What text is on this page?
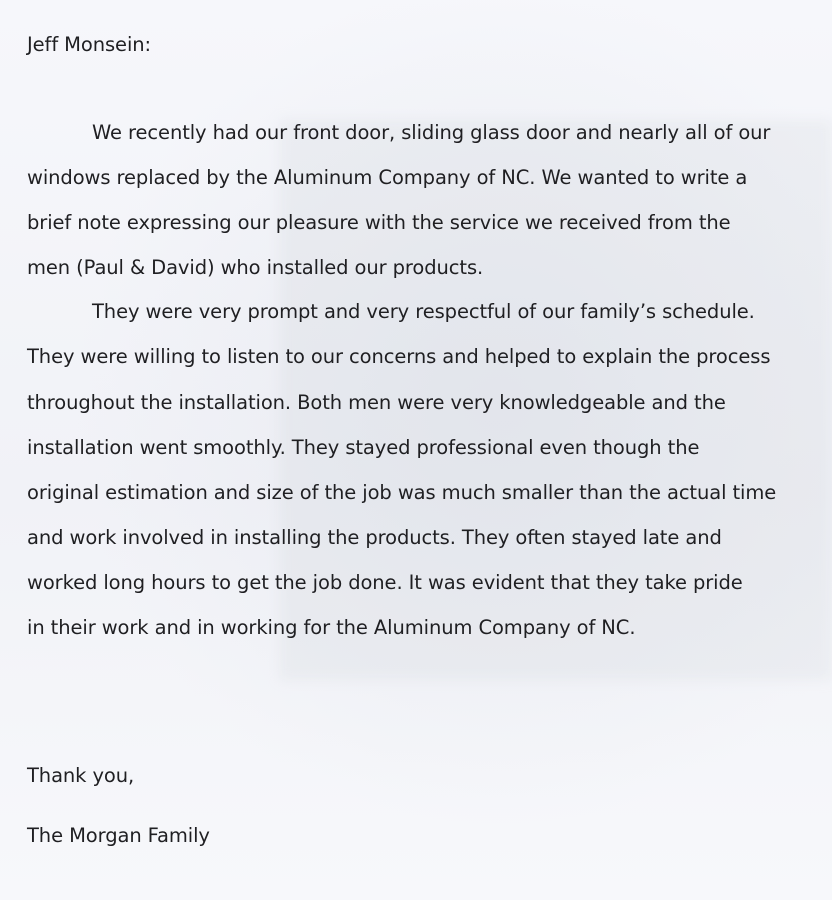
Jeff Monsein:
We recently had our front door, sliding glass door and nearly all of our
windows replaced by the Aluminum Company of NC. We wanted to write a
brief note expressing our pleasure with the service we received from the
men (Paul & David) who installed our products.
They were very prompt and very respectful of our family’s schedule.
They were willing to listen to our concerns and helped to explain the process
throughout the installation. Both men were very knowledgeable and the
installation went smoothly. They stayed professional even though the
original estimation and size of the job was much smaller than the actual time
and work involved in installing the products. They often stayed late and
worked long hours to get the job done. It was evident that they take pride
in their work and in working for the Aluminum Company of NC.
Thank you,
The Morgan Family
